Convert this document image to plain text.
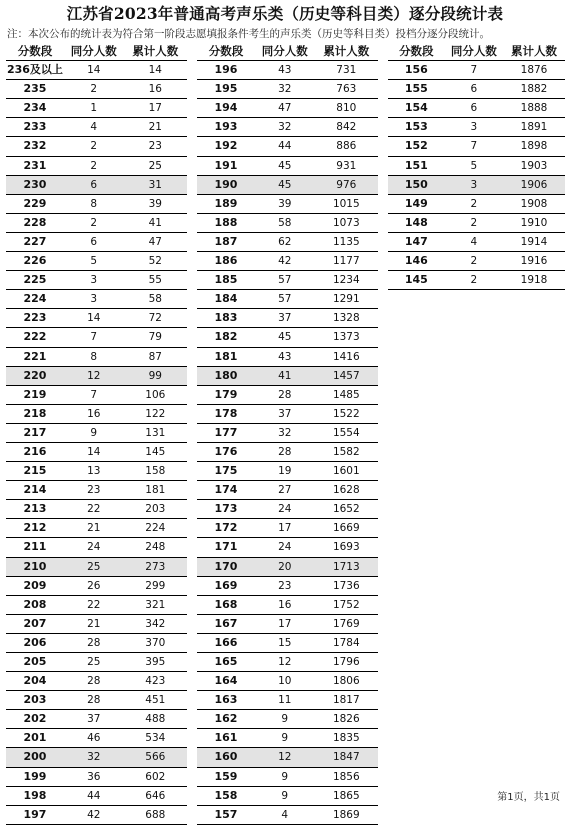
江苏省2023年普通高考声乐类（历史等科目类）逐分段统计表
注：本次公布的统计表为符合第一阶段志愿填报条件考生的声乐类（历史等科目类）投档分逐分段统计。
分数段	同分人数	累计人数
236及以上	14	14
235	2	16
234	1	17
233	4	21
232	2	23
231	2	25
230	6	31
229	8	39
228	2	41
227	6	47
226	5	52
225	3	55
224	3	58
223	14	72
222	7	79
221	8	87
220	12	99
219	7	106
218	16	122
217	9	131
216	14	145
215	13	158
214	23	181
213	22	203
212	21	224
211	24	248
210	25	273
209	26	299
208	22	321
207	21	342
206	28	370
205	25	395
204	28	423
203	28	451
202	37	488
201	46	534
200	32	566
199	36	602
198	44	646
197	42	688
分数段	同分人数	累计人数
196	43	731
195	32	763
194	47	810
193	32	842
192	44	886
191	45	931
190	45	976
189	39	1015
188	58	1073
187	62	1135
186	42	1177
185	57	1234
184	57	1291
183	37	1328
182	45	1373
181	43	1416
180	41	1457
179	28	1485
178	37	1522
177	32	1554
176	28	1582
175	19	1601
174	27	1628
173	24	1652
172	17	1669
171	24	1693
170	20	1713
169	23	1736
168	16	1752
167	17	1769
166	15	1784
165	12	1796
164	10	1806
163	11	1817
162	9	1826
161	9	1835
160	12	1847
159	9	1856
158	9	1865
157	4	1869
分数段	同分人数	累计人数
156	7	1876
155	6	1882
154	6	1888
153	3	1891
152	7	1898
151	5	1903
150	3	1906
149	2	1908
148	2	1910
147	4	1914
146	2	1916
145	2	1918
第1页，共1页
